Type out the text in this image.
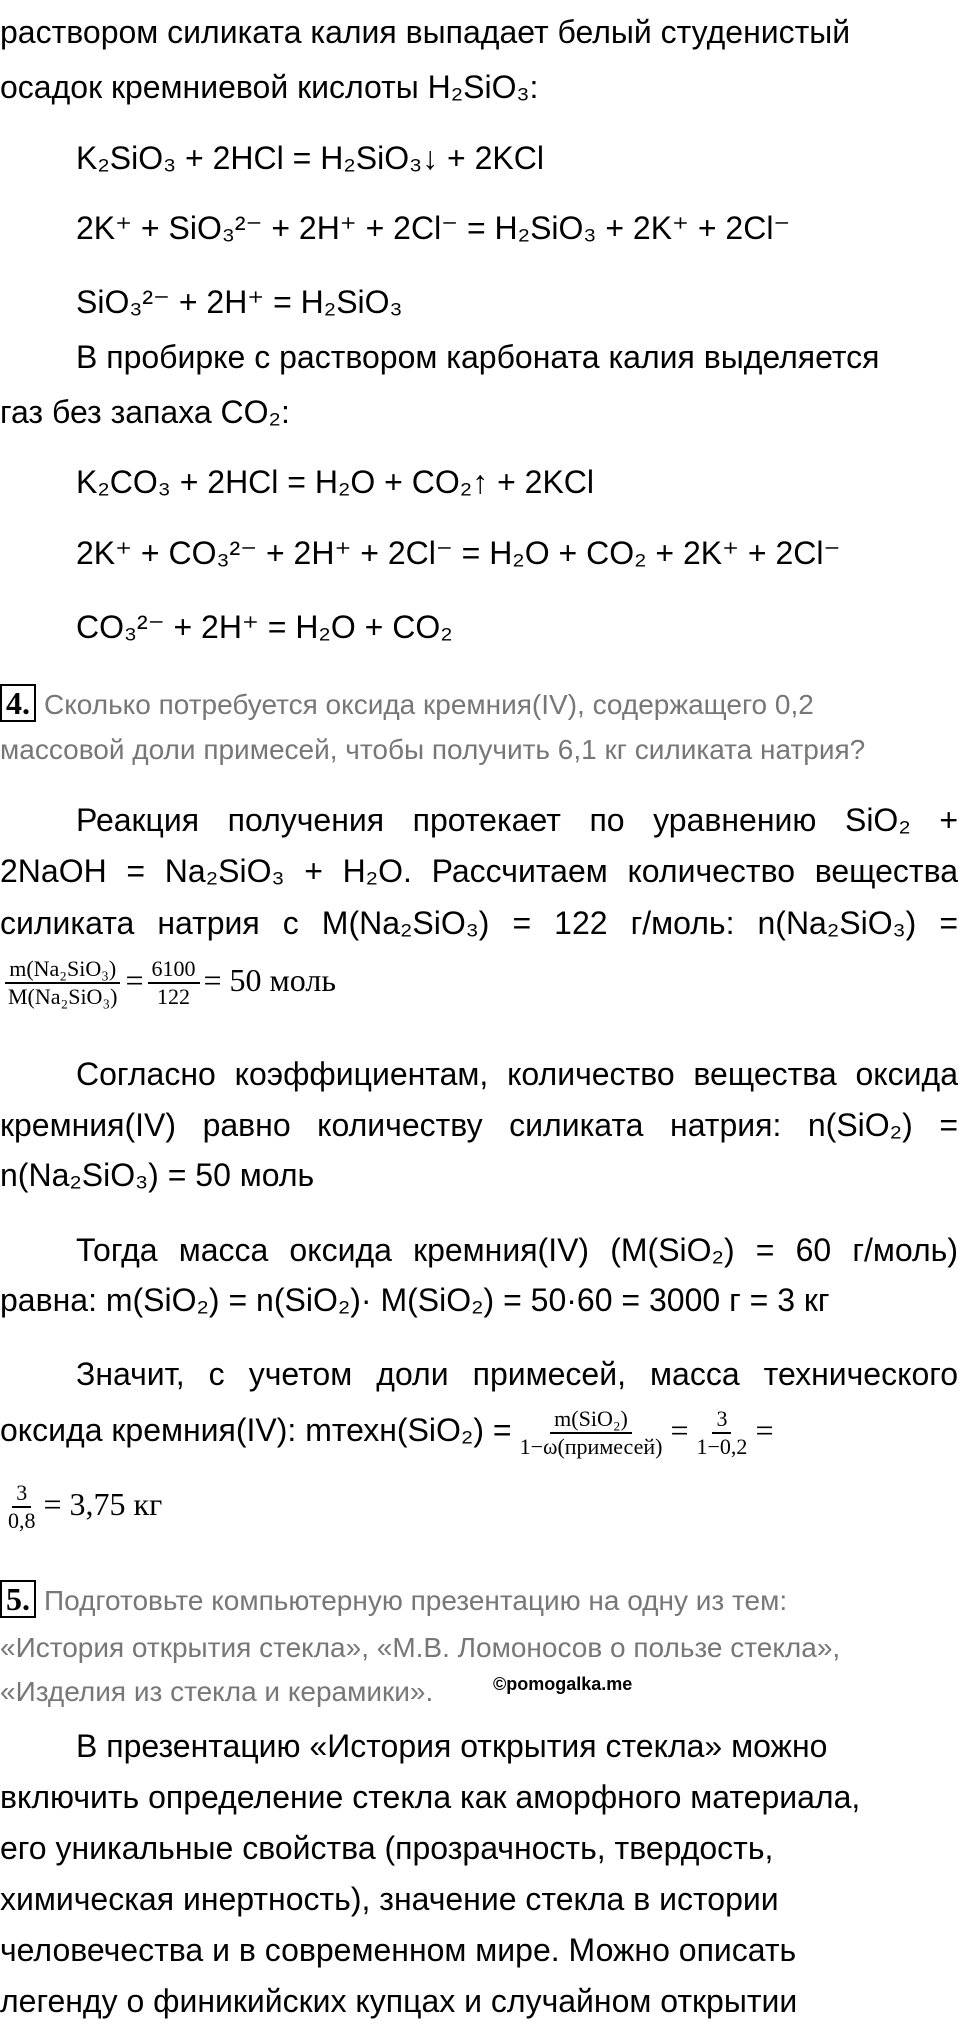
раствором силиката калия выпадает белый студенистый
осадок кремниевой кислоты H₂SiO₃:
K₂SiO₃ + 2HCl = H₂SiO₃↓ + 2KCl
2K⁺ + SiO₃²⁻ + 2H⁺ + 2Cl⁻ = H₂SiO₃ + 2K⁺ + 2Cl⁻
SiO₃²⁻ + 2H⁺ = H₂SiO₃
В пробирке с раствором карбоната калия выделяется
газ без запаха CO₂:
K₂CO₃ + 2HCl = H₂O + CO₂↑ + 2KCl
2K⁺ + CO₃²⁻ + 2H⁺ + 2Cl⁻ = H₂O + CO₂ + 2K⁺ + 2Cl⁻
CO₃²⁻ + 2H⁺ = H₂O + CO₂
4. Сколько потребуется оксида кремния(IV), содержащего 0,2
массовой доли примесей, чтобы получить 6,1 кг силиката натрия?
Реакция получения протекает по уравнению SiO₂ +
2NaOH = Na₂SiO₃ + H₂O. Рассчитаем количество вещества
силиката натрия с M(Na₂SiO₃) = 122 г/моль: n(Na₂SiO₃) =
$\frac{\text{m(Na₂SiO₃)}}{\text{M(Na₂SiO₃)}} = \frac{6100}{122} = 50$ моль
Согласно коэффициентам, количество вещества оксида
кремния(IV) равно количеству силиката натрия: n(SiO₂) =
n(Na₂SiO₃) = 50 моль
Тогда масса оксида кремния(IV) (M(SiO₂) = 60 г/моль)
равна: m(SiO₂) = n(SiO₂)· M(SiO₂) = 50·60 = 3000 г = 3 кг
Значит, с учетом доли примесей, масса технического
оксида кремния(IV): mтехн(SiO₂) = $\frac{\text{m(SiO₂)}}{\text{1−ω(примесей)}} = \frac{3}{1-0,2}$ =
$\frac{3}{0,8} = 3,75$ кг
5. Подготовьте компьютерную презентацию на одну из тем:
«История открытия стекла», «М.В. Ломоносов о пользе стекла»,
«Изделия из стекла и керамики».	©pomogalka.me
В презентацию «История открытия стекла» можно
включить определение стекла как аморфного материала,
его уникальные свойства (прозрачность, твердость,
химическая инертность), значение стекла в истории
человечества и в современном мире. Можно описать
легенду о финикийских купцах и случайном открытии
